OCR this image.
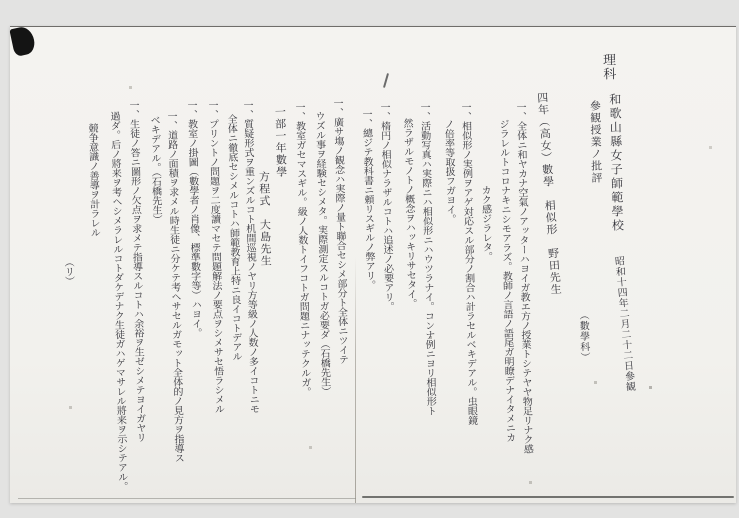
理科
和歌山縣女子師範學校
參観授業ノ批評
昭和十四年二月二十二日參観
（數學科）
四年（高女）數學　相似形　野田先生
一、全体ニ和ヤカナ空氣ノアッターハヨイガ教エ方ノ授業トシテヤヤ物足リナク感
ジラレルトコロナキニシモアラズ。教師ノ言語ノ語尾ガ明瞭デナイタメニカ
カク感ジラレタ。
一、相似形ノ実例ヲアゲ対応スル部分ノ割合ハ計ラセルベキデアル。虫眼鏡
ノ倍率等取扱フガヨイ。
一、活動写真ハ実際ニハ相似形ニハウツラナイ。コンナ例ニヨリ相似形ト
然ラザルモノトノ概念ヲハッキリサセタイ。
一、楕円ノ相似ナラザルコトハ追述ノ必要アリ。
一、總ジテ教科書ニ頼リスギルノ弊アリ。
一、廣サ塲ノ観念ハ実際ノ量ト聯合セシメ部分ト全体ニツイテ
ウズル事ヲ経験セシメタ。実際測定スルコトガ必要ダ（石橋先生）
一、教室ガセマスギル。級ノ人数トイフコトガ問題ニナッテクルガ。
一部一年數學
方程式　大島先生
一、質疑形式ヲ重ンズルコト机間巡視ノヤリ方等級ノ人数ノ多イコトニモ
全体ニ徹底セシメルコトハ師範教育上特ニ良イコトデアル
一、プリントノ問題ヲ二度讀マセテ問題解法ノ要点ヲシメサセ悟ラシメル
一、教室ノ掛圖（數學者ノ肖像、標準數字等）ハヨイ。
一、道路ノ面積ヲ求メル時生徒ニ分ケテ考ヘサセルガモット全体的ノ見方ヲ指導ス
ベキデアル。（石橋先生）
一、生徒ノ答ニ圖形ノ欠点ヲ求メテ指導スルコトハ余裕ヲ生ゼシメテヨイガヤリ
過ダ。后ノ將来ヲ考ヘシメラレルコトダケデナク生徒ガハゲマサレル將来ヲ示シテアル。
競争意識ノ善導ヲ計ラレル
（リ）
